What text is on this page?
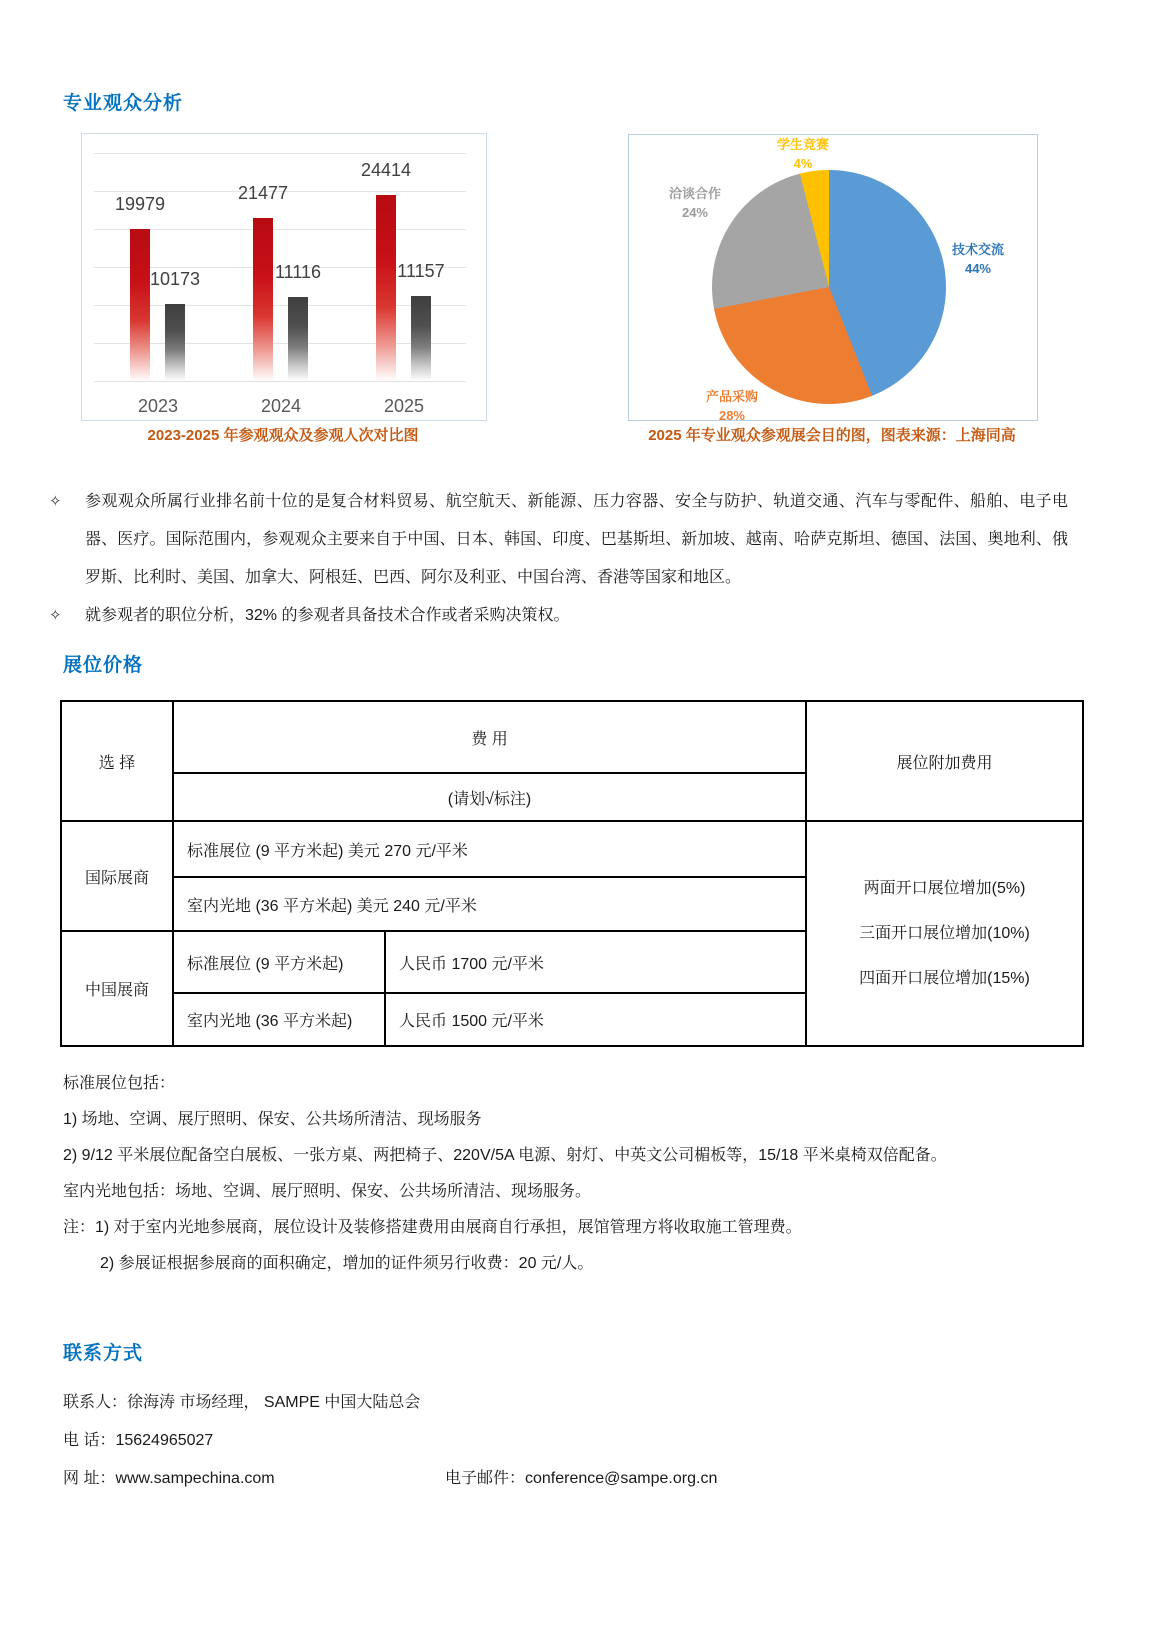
专业观众分析
2023
19979
10173
2024
21477
11116
2025
24414
11157
技术交流
44%
产品采购
28%
洽谈合作
24%
学生竞赛
4%
2023-2025 年参观观众及参观人次对比图	2025 年专业观众参观展会目的图，图表来源：上海同高

✧ 参观观众所属行业排名前十位的是复合材料贸易、航空航天、新能源、压力容器、安全与防护、轨道交通、汽车与零配件、船舶、电子电器、医疗。国际范围内，参观观众主要来自于中国、日本、韩国、印度、巴基斯坦、新加坡、越南、哈萨克斯坦、德国、法国、奥地利、俄罗斯、比利时、美国、加拿大、阿根廷、巴西、阿尔及利亚、中国台湾、香港等国家和地区。

✧ 就参观者的职位分析，32% 的参观者具备技术合作或者采购决策权。

展位价格
选 择	费 用		展位附加费用
	(请划√标注)		
国际展商	标准展位 (9 平方米起) 美元 270 元/平米		两面开口展位增加(5%)
三面开口展位增加(10%)
四面开口展位增加(15%)

	室内光地 (36 平方米起) 美元 240 元/平米		
中国展商	标准展位 (9 平方米起)	人民币 1700 元/平米	
	室内光地 (36 平方米起)	人民币 1500 元/平米	
标准展位包括：
1) 场地、空调、展厅照明、保安、公共场所清洁、现场服务
2) 9/12 平米展位配备空白展板、一张方桌、两把椅子、220V/5A 电源、射灯、中英文公司楣板等，15/18 平米桌椅双倍配备。
室内光地包括：场地、空调、展厅照明、保安、公共场所清洁、现场服务。
注：1) 对于室内光地参展商，展位设计及装修搭建费用由展商自行承担，展馆管理方将收取施工管理费。
2) 参展证根据参展商的面积确定，增加的证件须另行收费：20 元/人。
联系方式
联系人：徐海涛 市场经理， SAMPE 中国大陆总会
电 话：15624965027
网 址：www.sampechina.com	电子邮件：conference@sampe.org.cn
